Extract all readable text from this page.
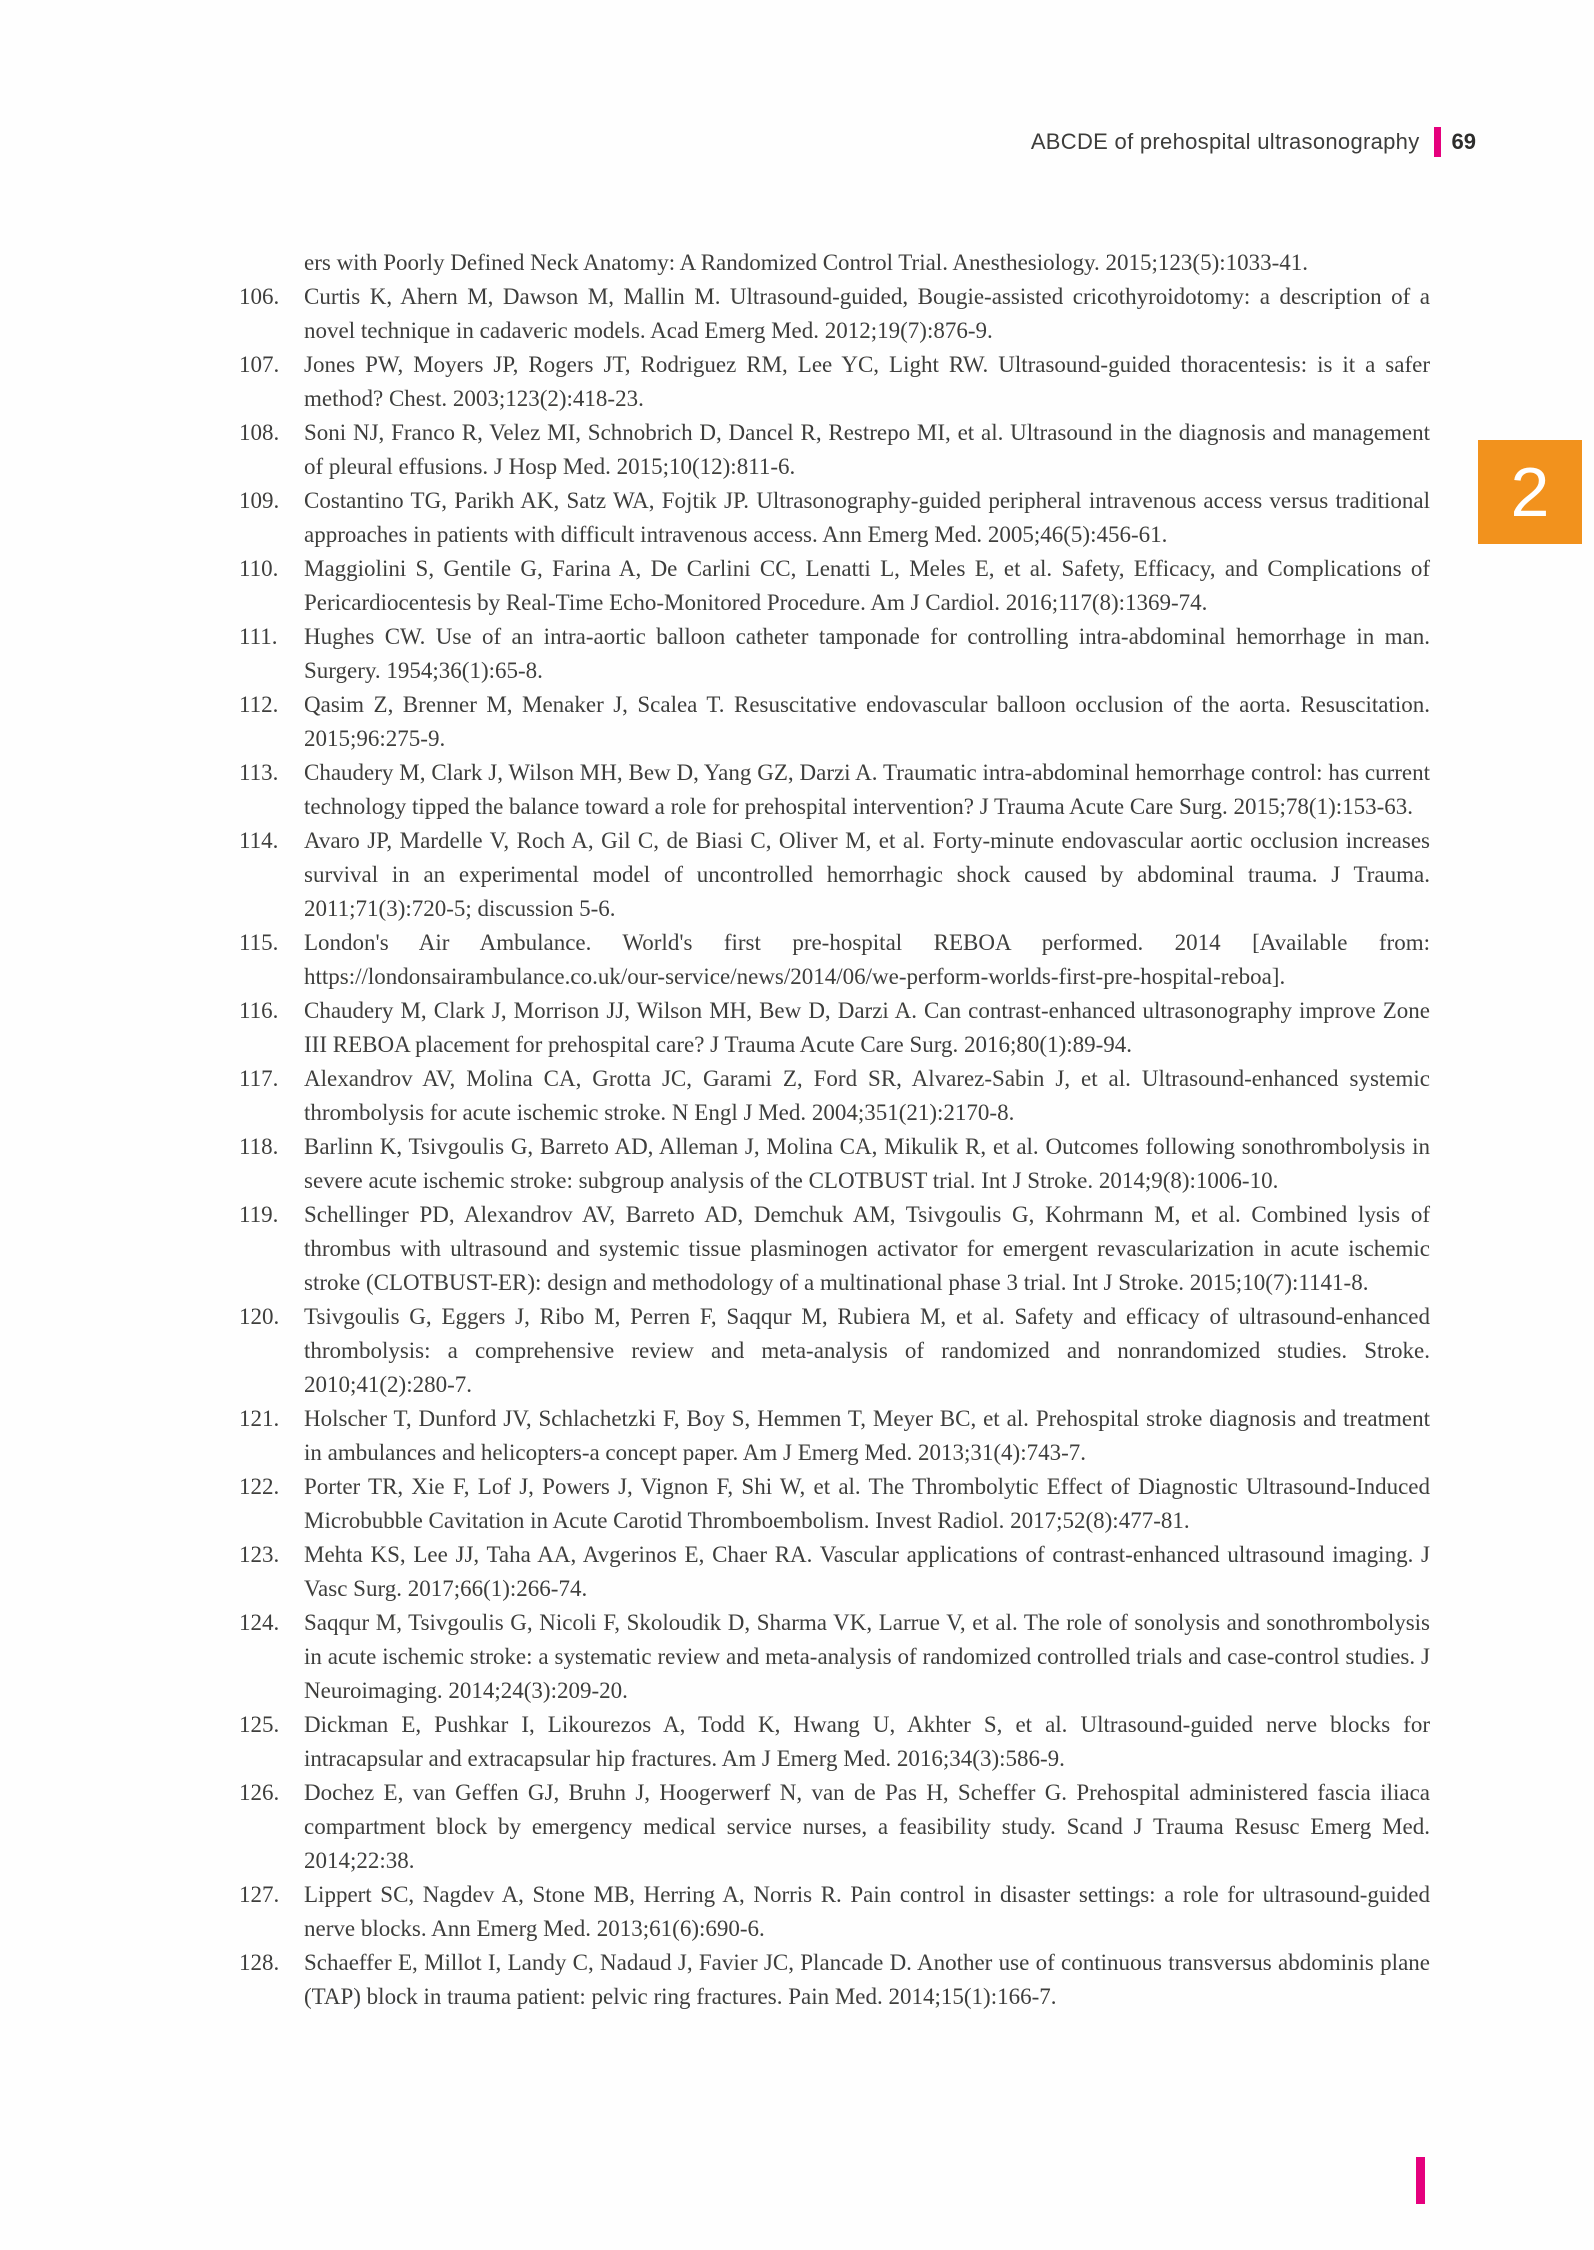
ABCDE of prehospital ultrasonography 69
2
ers with Poorly Defined Neck Anatomy: A Randomized Control Trial. Anesthesiology. 2015;123(5):1033-41.
106.	Curtis K, Ahern M, Dawson M, Mallin M. Ultrasound-guided, Bougie-assisted cricothyroidotomy: a description of a novel technique in cadaveric models. Acad Emerg Med. 2012;19(7):876-9.
107.	Jones PW, Moyers JP, Rogers JT, Rodriguez RM, Lee YC, Light RW. Ultrasound-guided thoracentesis: is it a safer method? Chest. 2003;123(2):418-23.
108.	Soni NJ, Franco R, Velez MI, Schnobrich D, Dancel R, Restrepo MI, et al. Ultrasound in the diagnosis and management of pleural effusions. J Hosp Med. 2015;10(12):811-6.
109.	Costantino TG, Parikh AK, Satz WA, Fojtik JP. Ultrasonography-guided peripheral intravenous access versus traditional approaches in patients with difficult intravenous access. Ann Emerg Med. 2005;46(5):456-61.
110.	Maggiolini S, Gentile G, Farina A, De Carlini CC, Lenatti L, Meles E, et al. Safety, Efficacy, and Complications of Pericardiocentesis by Real-Time Echo-Monitored Procedure. Am J Cardiol. 2016;117(8):1369-74.
111.	Hughes CW. Use of an intra-aortic balloon catheter tamponade for controlling intra-abdominal hemorrhage in man. Surgery. 1954;36(1):65-8.
112.	Qasim Z, Brenner M, Menaker J, Scalea T. Resuscitative endovascular balloon occlusion of the aorta. Resuscitation. 2015;96:275-9.
113.	Chaudery M, Clark J, Wilson MH, Bew D, Yang GZ, Darzi A. Traumatic intra-abdominal hemorrhage control: has current technology tipped the balance toward a role for prehospital intervention? J Trauma Acute Care Surg. 2015;78(1):153-63.
114.	Avaro JP, Mardelle V, Roch A, Gil C, de Biasi C, Oliver M, et al. Forty-minute endovascular aortic occlusion increases survival in an experimental model of uncontrolled hemorrhagic shock caused by abdominal trauma. J Trauma. 2011;71(3):720-5; discussion 5-6.
115.	London's Air Ambulance. World's first pre-hospital REBOA performed. 2014 [Available from: https://londonsairambulance.co.uk/our-service/news/2014/06/we-perform-worlds-first-pre-hospital-reboa].
116.	Chaudery M, Clark J, Morrison JJ, Wilson MH, Bew D, Darzi A. Can contrast-enhanced ultrasonography improve Zone III REBOA placement for prehospital care? J Trauma Acute Care Surg. 2016;80(1):89-94.
117.	Alexandrov AV, Molina CA, Grotta JC, Garami Z, Ford SR, Alvarez-Sabin J, et al. Ultrasound-enhanced systemic thrombolysis for acute ischemic stroke. N Engl J Med. 2004;351(21):2170-8.
118.	Barlinn K, Tsivgoulis G, Barreto AD, Alleman J, Molina CA, Mikulik R, et al. Outcomes following sonothrombolysis in severe acute ischemic stroke: subgroup analysis of the CLOTBUST trial. Int J Stroke. 2014;9(8):1006-10.
119.	Schellinger PD, Alexandrov AV, Barreto AD, Demchuk AM, Tsivgoulis G, Kohrmann M, et al. Combined lysis of thrombus with ultrasound and systemic tissue plasminogen activator for emergent revascularization in acute ischemic stroke (CLOTBUST-ER): design and methodology of a multinational phase 3 trial. Int J Stroke. 2015;10(7):1141-8.
120.	Tsivgoulis G, Eggers J, Ribo M, Perren F, Saqqur M, Rubiera M, et al. Safety and efficacy of ultrasound-enhanced thrombolysis: a comprehensive review and meta-analysis of randomized and nonrandomized studies. Stroke. 2010;41(2):280-7.
121.	Holscher T, Dunford JV, Schlachetzki F, Boy S, Hemmen T, Meyer BC, et al. Prehospital stroke diagnosis and treatment in ambulances and helicopters-a concept paper. Am J Emerg Med. 2013;31(4):743-7.
122.	Porter TR, Xie F, Lof J, Powers J, Vignon F, Shi W, et al. The Thrombolytic Effect of Diagnostic Ultrasound-Induced Microbubble Cavitation in Acute Carotid Thromboembolism. Invest Radiol. 2017;52(8):477-81.
123.	Mehta KS, Lee JJ, Taha AA, Avgerinos E, Chaer RA. Vascular applications of contrast-enhanced ultrasound imaging. J Vasc Surg. 2017;66(1):266-74.
124.	Saqqur M, Tsivgoulis G, Nicoli F, Skoloudik D, Sharma VK, Larrue V, et al. The role of sonolysis and sonothrombolysis in acute ischemic stroke: a systematic review and meta-analysis of randomized controlled trials and case-control studies. J Neuroimaging. 2014;24(3):209-20.
125.	Dickman E, Pushkar I, Likourezos A, Todd K, Hwang U, Akhter S, et al. Ultrasound-guided nerve blocks for intracapsular and extracapsular hip fractures. Am J Emerg Med. 2016;34(3):586-9.
126.	Dochez E, van Geffen GJ, Bruhn J, Hoogerwerf N, van de Pas H, Scheffer G. Prehospital administered fascia iliaca compartment block by emergency medical service nurses, a feasibility study. Scand J Trauma Resusc Emerg Med. 2014;22:38.
127.	Lippert SC, Nagdev A, Stone MB, Herring A, Norris R. Pain control in disaster settings: a role for ultrasound-guided nerve blocks. Ann Emerg Med. 2013;61(6):690-6.
128.	Schaeffer E, Millot I, Landy C, Nadaud J, Favier JC, Plancade D. Another use of continuous transversus abdominis plane (TAP) block in trauma patient: pelvic ring fractures. Pain Med. 2014;15(1):166-7.
